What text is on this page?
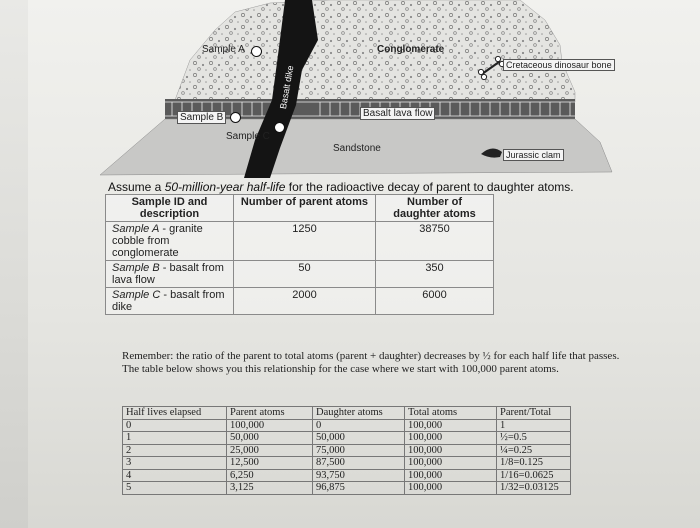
Sample A
Sample B
Sample C
Conglomerate
Basalt dike
Basalt lava flow
Sandstone
Cretaceous dinosaur bone
Jurassic clam
Assume a 50-million-year half-life for the radioactive decay of parent to daughter atoms.
Sample ID and description	Number of parent atoms	Number of daughter atoms
Sample A - granite cobble from conglomerate	1250	38750
Sample B - basalt from lava flow	50	350
Sample C - basalt from dike	2000	6000
Remember: the ratio of the parent to total atoms (parent + daughter) decreases by ½ for each half life that passes. The table below shows you this relationship for the case where we start with 100,000 parent atoms.
Half lives elapsed	Parent atoms	Daughter atoms	Total atoms	Parent/Total
0	100,000	0	100,000	1
1	50,000	50,000	100,000	½=0.5
2	25,000	75,000	100,000	¼=0.25
3	12,500	87,500	100,000	1/8=0.125
4	6,250	93,750	100,000	1/16=0.0625
5	3,125	96,875	100,000	1/32=0.03125
